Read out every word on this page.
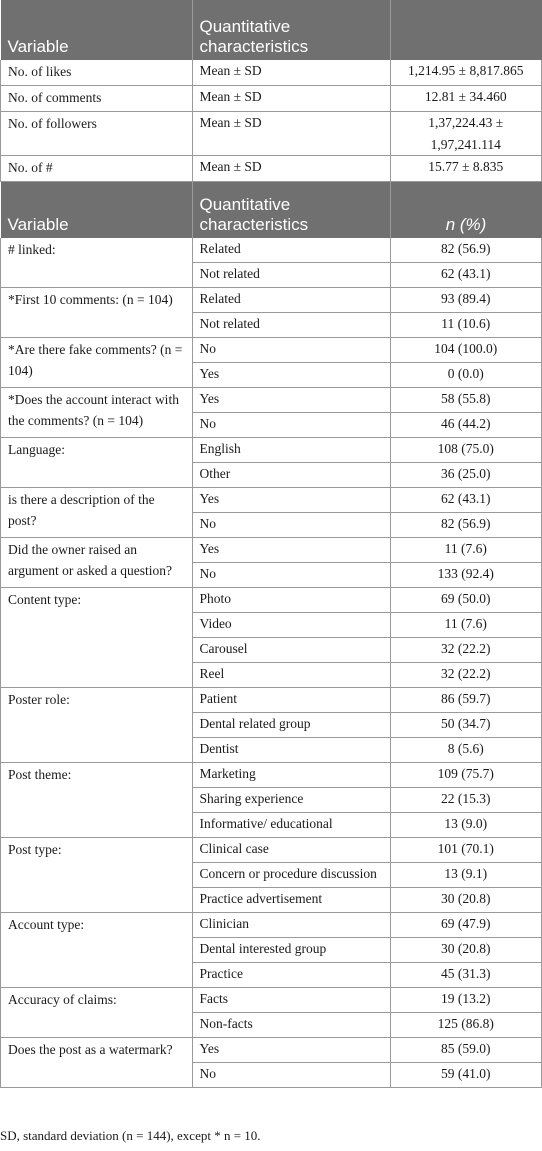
Variable	Quantitative characteristics	
No. of likes	Mean ± SD	1,214.95 ± 8,817.865
No. of comments	Mean ± SD	12.81 ± 34.460
No. of followers	Mean ± SD	1,37,224.43 ± 1,97,241.114
No. of #	Mean ± SD	15.77 ± 8.835
Variable	Quantitative characteristics	n (%)
# linked:	Related	82 (56.9)
	Not related	62 (43.1)
*First 10 comments: (n = 104)	Related	93 (89.4)
	Not related	11 (10.6)
*Are there fake comments? (n = 104)	No	104 (100.0)
	Yes	0 (0.0)
*Does the account interact with the comments? (n = 104)	Yes	58 (55.8)
	No	46 (44.2)
Language:	English	108 (75.0)
	Other	36 (25.0)
is there a description of the post?	Yes	62 (43.1)
	No	82 (56.9)
Did the owner raised an argument or asked a question?	Yes	11 (7.6)
	No	133 (92.4)
Content type:	Photo	69 (50.0)
	Video	11 (7.6)
	Carousel	32 (22.2)
	Reel	32 (22.2)
Poster role:	Patient	86 (59.7)
	Dental related group	50 (34.7)
	Dentist	8 (5.6)
Post theme:	Marketing	109 (75.7)
	Sharing experience	22 (15.3)
	Informative/ educational	13 (9.0)
Post type:	Clinical case	101 (70.1)
	Concern or procedure discussion	13 (9.1)
	Practice advertisement	30 (20.8)
Account type:	Clinician	69 (47.9)
	Dental interested group	30 (20.8)
	Practice	45 (31.3)
Accuracy of claims:	Facts	19 (13.2)
	Non-facts	125 (86.8)
Does the post as a watermark?	Yes	85 (59.0)
	No	59 (41.0)
SD, standard deviation (n = 144), except * n = 10.
